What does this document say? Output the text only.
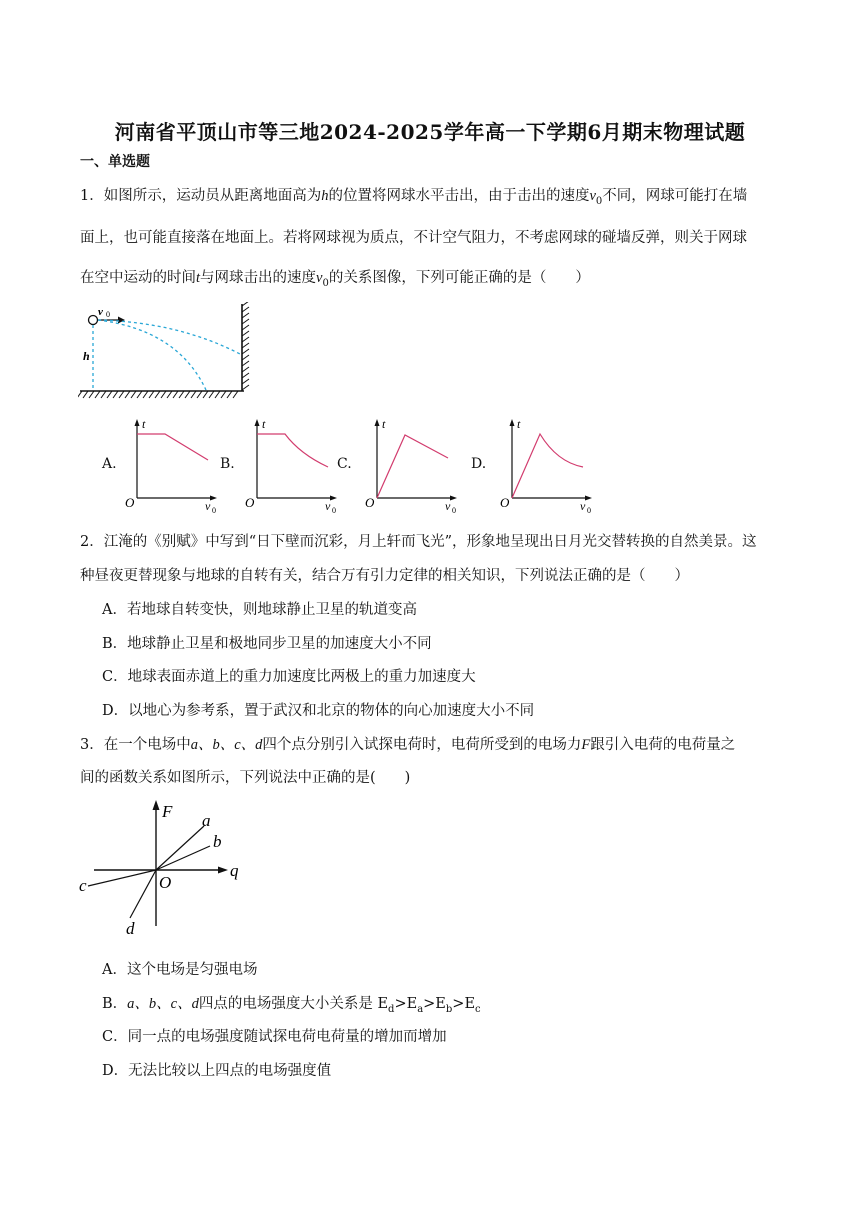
河南省平顶山市等三地2024-2025学年高一下学期6月期末物理试题
一、单选题
1．如图所示，运动员从距离地面高为h的位置将网球水平击出，由于击出的速度$v_0$不同，网球可能打在墙
面上，也可能直接落在地面上。若将网球视为质点，不计空气阻力，不考虑网球的碰墙反弹，则关于网球
在空中运动的时间t与网球击出的速度$v_0$的关系图像，下列可能正确的是（　　）
v 0
h
A.
t
O	v 0
B.
t
O	v 0
C.
t
O	v 0
D.
t
O	v 0
2．江淹的《别赋》中写到“日下壁而沉彩，月上轩而飞光”，形象地呈现出日月光交替转换的自然美景。这
种昼夜更替现象与地球的自转有关，结合万有引力定律的相关知识，下列说法正确的是（　　）
A．若地球自转变快，则地球静止卫星的轨道变高
B．地球静止卫星和极地同步卫星的加速度大小不同
C．地球表面赤道上的重力加速度比两极上的重力加速度大
D．以地心为参考系，置于武汉和北京的物体的向心加速度大小不同
3．在一个电场中a、b、c、d四个点分别引入试探电荷时，电荷所受到的电场力F跟引入电荷的电荷量之
间的函数关系如图所示，下列说法中正确的是(　　)
F
q
O
a
b
c
d
A．这个电场是匀强电场
B．a、b、c、d四点的电场强度大小关系是 $E_d>E_a>E_b>E_c$
C．同一点的电场强度随试探电荷电荷量的增加而增加
D．无法比较以上四点的电场强度值
